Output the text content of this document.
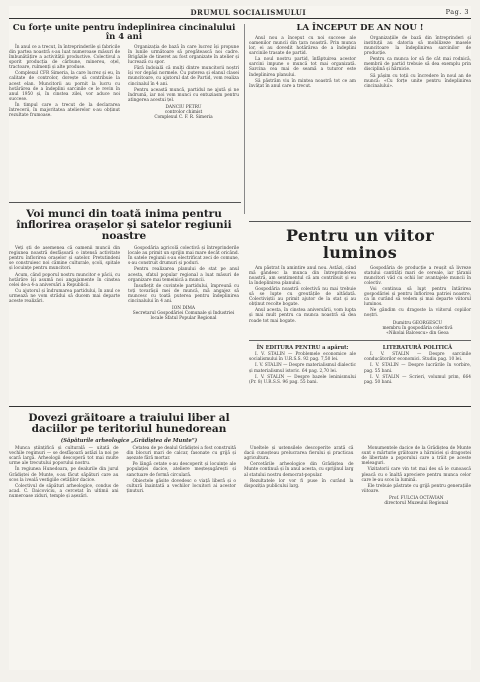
DRUMUL SOCIALISMULUI	Pag. 3
Cu forțe unite pentru îndeplinirea cincinalului în 4 ani

În anul ce a trecut, în întreprinderile și fabricile din partea noastră s-au luat numeroase măsuri de îmbunătățire a activității productive. Colectivul a sporit producția de cărbune, minereu, oțel, tractoare, rulmenți și alte produse.

Complexul CFR Simeria, la care lucrez și eu, în calitate de controlor, dorește să contribuie la acest elan. Muncitorii au pornit la lucru cu hotărârea de a îndeplini sarcinile ce le revin în anul 1950 și, în cinstea zilei, vor aduce noi succese.

În timpul care a trecut de la declararea întrecerii, în majoritatea atelierelor s-au obținut rezultate frumoase.

Organizația de bază în care lucrez își propune în lunile următoare să pregătească noi cadre. Brigăzile de tineret au fost organizate în atelier și lucrează cu spor.

Fără îndoială că mulți dintre muncitorii noștri își vor depăși normele. Cu puterea și elanul clasei muncitoare, cu ajutorul dat de Partid, vom realiza cincinalul în 4 ani.

Pentru această muncă, partidul ne ajută și ne îndrumă, iar noi vom munci cu entuziasm pentru atingerea acestui țel.

DANCIU PETRU
controlor chimist
Complexul C. F. R. Simeria
LA ÎNCEPUT DE AN NOU !

Anul nou a început cu noi succese ale oamenilor muncii din țara noastră. Prin munca lor, ei au dovedit hotărârea de a îndeplini sarcinile trasate de partid.

La noul nostru partid, înfăptuirea acestor sarcini impune o muncă tot mai organizată. Sarcina cea mai de seamă a tuturor este îndeplinirea planului.

Să păstrăm viu în mintea noastră tot ce am învățat în anul care a trecut.

Organizațiile de bază din întreprinderi și instituții au datoria să mobilizeze masele muncitoare la îndeplinirea sarcinilor de producție.

Pentru ca munca lor să fie cât mai rodnică, membrii de partid trebuie să dea exemplu prin disciplină și hărnicie.

Să pășim cu toții cu încredere în noul an de muncă: «Cu forțe unite pentru îndeplinirea cincinalului».

Voi munci din toată inima pentru înflorirea orașelor și satelor regiunii noastre

Veți ști de asemenea că oamenii muncii din regiunea noastră desfășoară o intensă activitate pentru înflorirea orașelor și satelor. Pretutindeni se construiesc noi cămine culturale, școli, spitale și locuințe pentru muncitori.

Acum, când poporul nostru muncitor e păcii, cu hotărâre își asumă noi angajamente în cinstea celei de-a 4-a aniversări a Republicii.

Cu ajutorul și îndrumarea partidului, în anul ce urmează ne vom strădui să ducem mai departe aceste realizări.

Gospodăria agricolă colectivă și întreprinderile locale au primit un sprijin mai mare decât oricând. În satele regiunii s-au electrificat zeci de comune, s-au construit drumuri și poduri.

Pentru realizarea planului de stat pe anul acesta, sfatul popular regional a luat măsuri de organizare mai temeinică a muncii.

Însuflețit de cuvintele partidului, împreună cu toți tovarășii mei de muncă, mă angajez să muncesc cu toată puterea pentru îndeplinirea cincinalului în 4 ani.

ION DIMA
Secretarul Gospodăriei Comunale și Industriei locale Sfatul Popular Regional
Pentru un viitor luminos

Am păstrat în amintire anul nou. Astăzi, când mă gândesc la munca din întreprinderea noastră, am sentimentul că am contribuit și eu la îndeplinirea planului.

Gospodăria noastră colectivă nu mai trebuie să se lupte cu greutățile de altădată. Colectiviștii au primit ajutor de la stat și au obținut recolte bogate.

Anul acesta, în cinstea aniversării, vom lupta și mai mult pentru ca munca noastră să dea roade tot mai bogate.

Gospodăria de producție a reușit să livreze statului cantități mari de cereale, iar țăranii muncitori văd cu ochii lor avantajele muncii în colectiv.

Voi continua să lupt pentru întărirea gospodăriei și pentru înflorirea patriei noastre, ca în curând să vedem și mai departe viitorul luminos.

Ne gândim cu dragoste la viitorul copiilor noștri.

Dumitru GEORGESCU
membru în gospodăria colectivă
«Nikolai Balcescu» din Geoa
ÎN EDITURA PENTRU a apărut:

I. V. STALIN — Problemele economice ale socialismului în U.R.S.S. 92 pag. 7,50 lei.

I. V. STALIN — Despre materialismul dialectic și materialismul istoric. 64 pag. 2,70 lei.

I. V. STALIN — Despre bazele leninismului (Pr. 8) U.R.S.S. 96 pag. 55 bani.

LITERATURĂ POLITICĂ

I. V. STALIN — Despre sarcinile conducătorilor economici. Studiu pag. 10 lei.

I. V. STALIN — Despre lucrările în vorbire, pag. 55 bani.

I. V. STALIN — Scrieri, volumul prim, 664 pag. 50 bani.

Dovezi grăitoare a traiului liber al daciilor pe teritoriul hunedorean
(Săpăturile arheologice „Grădiștea de Munte”)

Munca științifică și culturală — uitată de vechile regimuri — se desfășoară astăzi la noi pe scară largă. Arheologii descoperă tot mai multe urme ale trecutului poporului nostru.

În regiunea Hunedoara, pe dealurile din jurul Grădiștei de Munte, s-au făcut săpături care au scos la iveală vestigiile cetăților dacice.

Colectivul de săpături arheologice, condus de acad. C. Daicoviciu, a cercetat în ultimii ani numeroase ziduri, temple și așezări.

Cetatea de pe dealul Grădiștei a fost construită din blocuri mari de calcar, fasonate cu grijă și așezate fără mortar.

Pe lângă cetate s-au descoperit și locuințe ale populației dacice, ateliere meșteșugărești și sanctuare de formă circulară.

Obiectele găsite dovedesc o viață liberă și o cultură înaintată a vechilor locuitori ai acestor ținuturi.

Uneltele și ustensilele descoperite arată că dacii cunoșteau prelucrarea fierului și practicau agricultura.

Cercetările arheologice din Grădiștea de Munte continuă și în anul acesta, cu sprijinul larg al statului nostru democrat-popular.

Rezultatele lor vor fi puse în curând la dispoziția publicului larg.

Monumentele dacice de la Grădiștea de Munte sunt o mărturie grăitoare a hărniciei și dragostei de libertate a poporului care a trăit pe aceste meleaguri.

Vizitatorii care vin tot mai des să le cunoască pleacă cu o înaltă apreciere pentru munca celor care le-au scos la lumină.

Ele trebuie păstrate cu grijă pentru generațiile viitoare.

Prof. FULCIA OCTAVIAN
directorul Muzeului Regional
